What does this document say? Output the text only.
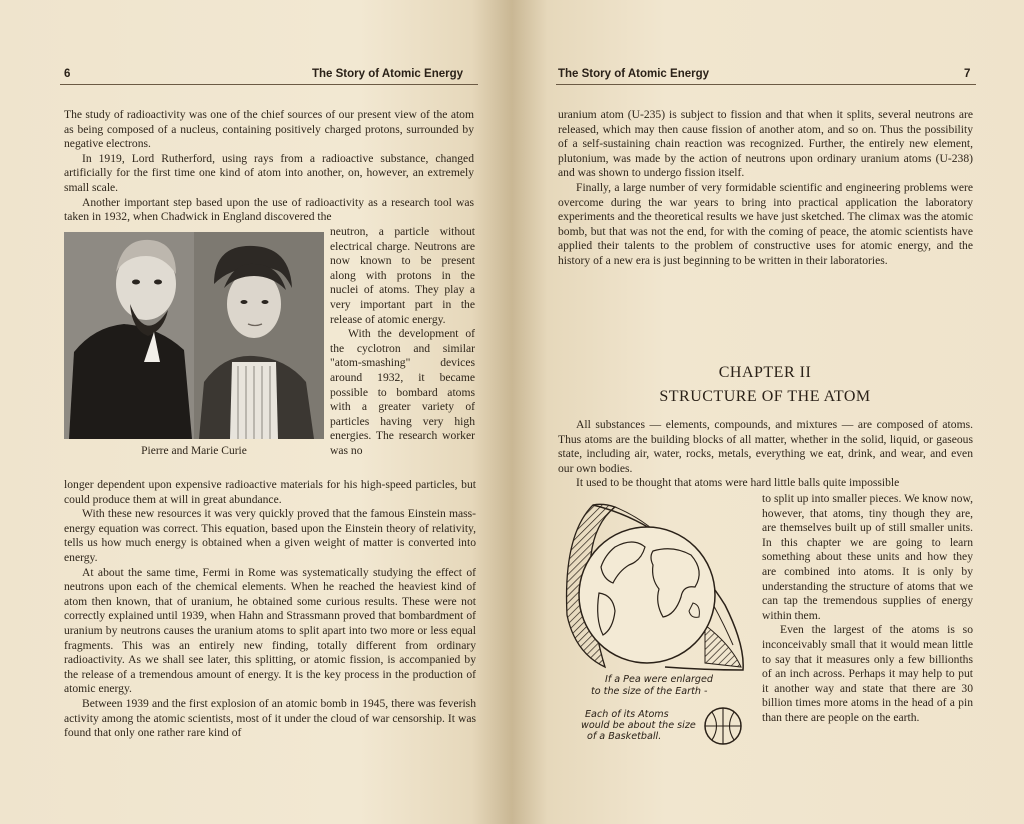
6	The Story of Atomic Energy

The study of radioactivity was one of the chief sources of our present view of the atom as being composed of a nucleus, containing positively charged protons, surrounded by negative electrons.

In 1919, Lord Rutherford, using rays from a radioactive substance, changed artificially for the first time one kind of atom into another, on, however, an extremely small scale.

Another important step based upon the use of radioactivity as a research tool was taken in 1932, when Chadwick in England discovered the

Pierre and Marie Curie

neutron, a particle without electrical charge. Neutrons are now known to be present along with protons in the nuclei of atoms. They play a very important part in the release of atomic energy.

With the development of the cyclotron and similar "atom-smashing" devices around 1932, it became possible to bombard atoms with a greater variety of particles having very high energies. The research worker was no

longer dependent upon expensive radioactive materials for his high-speed particles, but could produce them at will in great abundance.

With these new resources it was very quickly proved that the famous Einstein mass-energy equation was correct. This equation, based upon the Einstein theory of relativity, tells us how much energy is obtained when a given weight of matter is converted into energy.

At about the same time, Fermi in Rome was systematically studying the effect of neutrons upon each of the chemical elements. When he reached the heaviest kind of atom then known, that of uranium, he obtained some curious results. These were not correctly explained until 1939, when Hahn and Strassmann proved that bombardment of uranium by neutrons causes the uranium atoms to split apart into two more or less equal fragments. This was an entirely new finding, totally different from ordinary radioactivity. As we shall see later, this splitting, or atomic fission, is accompanied by the release of a tremendous amount of energy. It is the key process in the production of atomic energy.

Between 1939 and the first explosion of an atomic bomb in 1945, there was feverish activity among the atomic scientists, most of it under the cloud of war censorship. It was found that only one rather rare kind of

The Story of Atomic Energy	7

uranium atom (U-235) is subject to fission and that when it splits, several neutrons are released, which may then cause fission of another atom, and so on. Thus the possibility of a self-sustaining chain reaction was recognized. Further, the entirely new element, plutonium, was made by the action of neutrons upon ordinary uranium atoms (U-238) and was shown to undergo fission itself.

Finally, a large number of very formidable scientific and engineering problems were overcome during the war years to bring into practical application the laboratory experiments and the theoretical results we have just sketched. The climax was the atomic bomb, but that was not the end, for with the coming of peace, the atomic scientists have applied their talents to the problem of constructive uses for atomic energy, and the history of a new era is just beginning to be written in their laboratories.

CHAPTER II
STRUCTURE OF THE ATOM

All substances — elements, compounds, and mixtures — are composed of atoms. Thus atoms are the building blocks of all matter, whether in the solid, liquid, or gaseous state, including air, water, rocks, metals, everything we eat, drink, and wear, and even our own bodies.

It used to be thought that atoms were hard little balls quite impossible

to split up into smaller pieces. We know now, however, that atoms, tiny though they are, are themselves built up of still smaller units. In this chapter we are going to learn something about these units and how they are combined into atoms. It is only by understanding the structure of atoms that we can tap the tremendous supplies of energy within them.

Even the largest of the atoms is so inconceivably small that it would mean little to say that it measures only a few billionths of an inch across. Perhaps it may help to put it another way and state that there are 30 billion times more atoms in the head of a pin than there are people on the earth.

If a Pea were enlarged
to the size of the Earth -
Each of its Atoms
would be about the size
of a Basketball.
